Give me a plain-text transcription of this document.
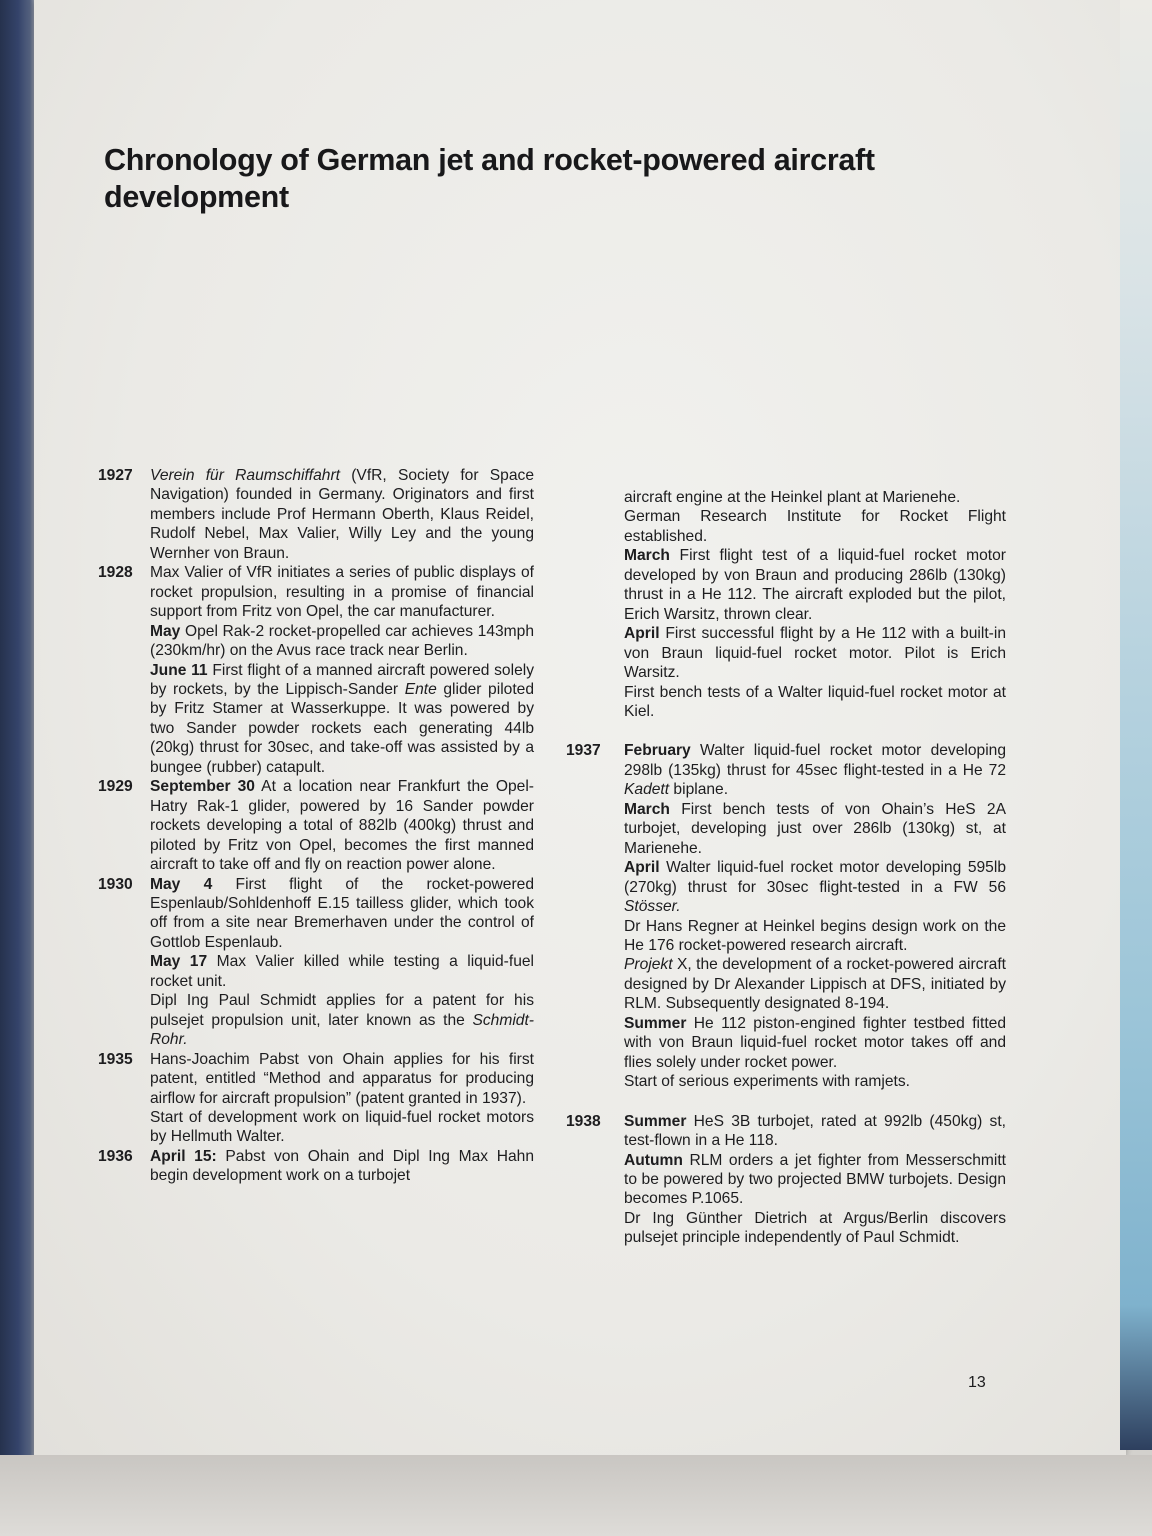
Chronology of German jet and rocket-powered aircraft development
1927	Verein für Raumschiffahrt (VfR, Society for Space Navigation) founded in Germany. Originators and first members include Prof Hermann Oberth, Klaus Reidel, Rudolf Nebel, Max Valier, Willy Ley and the young Wernher von Braun.

1928	Max Valier of VfR initiates a series of public displays of rocket propulsion, resulting in a promise of financial support from Fritz von Opel, the car manufacturer.

May Opel Rak-2 rocket-propelled car achieves 143mph (230km/hr) on the Avus race track near Berlin.

June 11 First flight of a manned aircraft powered solely by rockets, by the Lippisch-Sander Ente glider piloted by Fritz Stamer at Wasserkuppe. It was powered by two Sander powder rockets each generating 44lb (20kg) thrust for 30sec, and take-off was assisted by a bungee (rubber) catapult.

1929	September 30 At a location near Frankfurt the Opel-Hatry Rak-1 glider, powered by 16 Sander powder rockets developing a total of 882lb (400kg) thrust and piloted by Fritz von Opel, becomes the first manned aircraft to take off and fly on reaction power alone.

1930	May 4 First flight of the rocket-powered Espenlaub/Sohldenhoff E.15 tailless glider, which took off from a site near Bremerhaven under the control of Gottlob Espenlaub.

May 17 Max Valier killed while testing a liquid-fuel rocket unit.

Dipl Ing Paul Schmidt applies for a patent for his pulsejet propulsion unit, later known as the Schmidt-Rohr.

1935	Hans-Joachim Pabst von Ohain applies for his first patent, entitled “Method and apparatus for producing airflow for aircraft propulsion” (patent granted in 1937).

Start of development work on liquid-fuel rocket motors by Hellmuth Walter.

1936	April 15: Pabst von Ohain and Dipl Ing Max Hahn begin development work on a turbojet

aircraft engine at the Heinkel plant at Marienehe.

German Research Institute for Rocket Flight established.

March First flight test of a liquid-fuel rocket motor developed by von Braun and producing 286lb (130kg) thrust in a He 112. The aircraft exploded but the pilot, Erich Warsitz, thrown clear.

April First successful flight by a He 112 with a built-in von Braun liquid-fuel rocket motor. Pilot is Erich Warsitz.

First bench tests of a Walter liquid-fuel rocket motor at Kiel.

1937	February Walter liquid-fuel rocket motor developing 298lb (135kg) thrust for 45sec flight-tested in a He 72 Kadett biplane.

March First bench tests of von Ohain’s HeS 2A turbojet, developing just over 286lb (130kg) st, at Marienehe.

April Walter liquid-fuel rocket motor developing 595lb (270kg) thrust for 30sec flight-tested in a FW 56 Stösser.

Dr Hans Regner at Heinkel begins design work on the He 176 rocket-powered research aircraft.

Projekt X, the development of a rocket-powered aircraft designed by Dr Alexander Lippisch at DFS, initiated by RLM. Subsequently designated 8-194.

Summer He 112 piston-engined fighter testbed fitted with von Braun liquid-fuel rocket motor takes off and flies solely under rocket power.

Start of serious experiments with ramjets.

1938	Summer HeS 3B turbojet, rated at 992lb (450kg) st, test-flown in a He 118.

Autumn RLM orders a jet fighter from Messerschmitt to be powered by two projected BMW turbojets. Design becomes P.1065.

Dr Ing Günther Dietrich at Argus/Berlin discovers pulsejet principle independently of Paul Schmidt.

13
